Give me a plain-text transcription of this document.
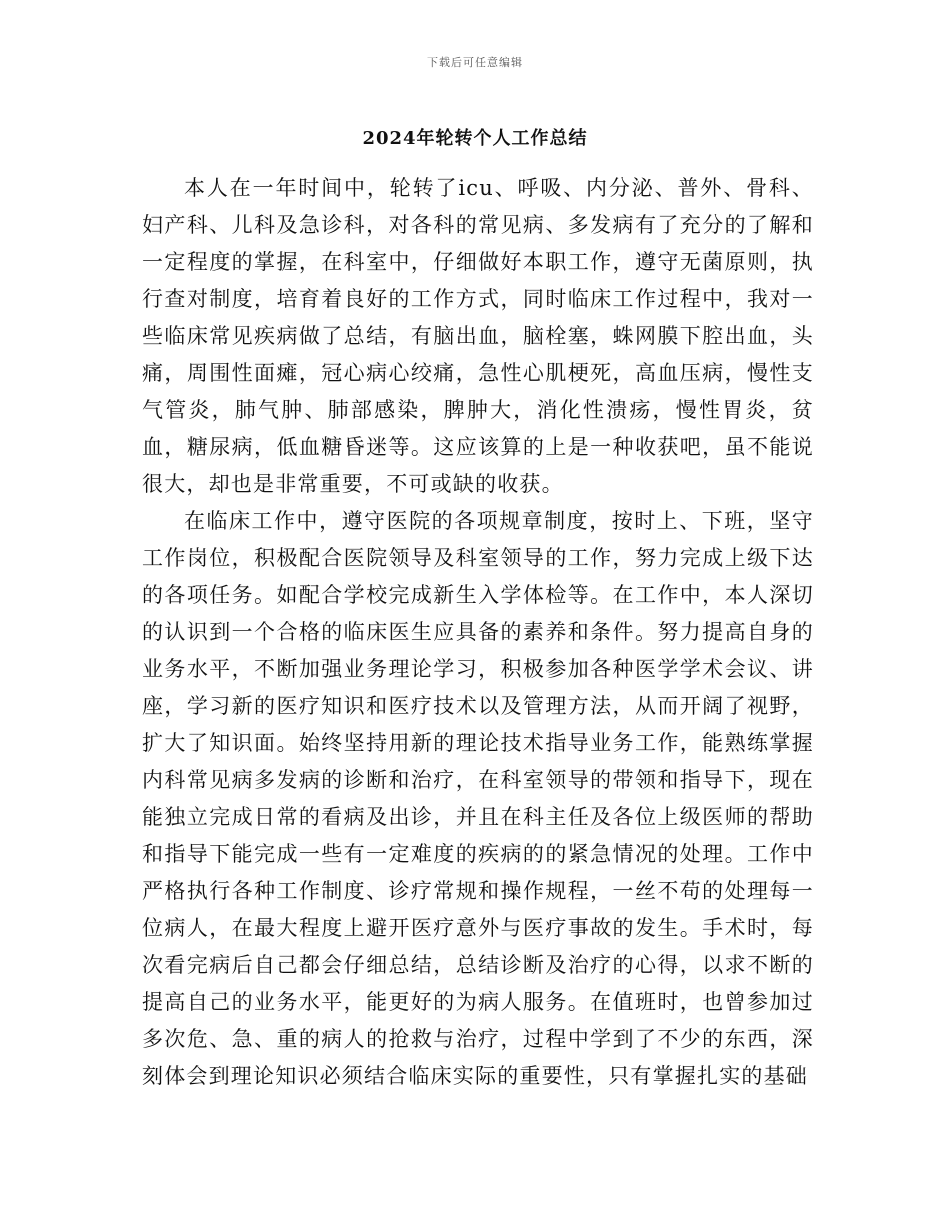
下载后可任意编辑
2024年轮转个人工作总结

本人在一年时间中，轮转了icu、呼吸、内分泌、普外、骨科、妇产科、儿科及急诊科，对各科的常见病、多发病有了充分的了解和一定程度的掌握，在科室中，仔细做好本职工作，遵守无菌原则，执行查对制度，培育着良好的工作方式，同时临床工作过程中，我对一些临床常见疾病做了总结，有脑出血，脑栓塞，蛛网膜下腔出血，头痛，周围性面瘫，冠心病心绞痛，急性心肌梗死，高血压病，慢性支气管炎，肺气肿、肺部感染，脾肿大，消化性溃疡，慢性胃炎，贫血，糖尿病，低血糖昏迷等。这应该算的上是一种收获吧，虽不能说很大，却也是非常重要，不可或缺的收获。

在临床工作中，遵守医院的各项规章制度，按时上、下班，坚守工作岗位，积极配合医院领导及科室领导的工作，努力完成上级下达的各项任务。如配合学校完成新生入学体检等。在工作中，本人深切的认识到一个合格的临床医生应具备的素养和条件。努力提高自身的业务水平，不断加强业务理论学习，积极参加各种医学学术会议、讲座，学习新的医疗知识和医疗技术以及管理方法，从而开阔了视野，扩大了知识面。始终坚持用新的理论技术指导业务工作，能熟练掌握内科常见病多发病的诊断和治疗，在科室领导的带领和指导下，现在能独立完成日常的看病及出诊，并且在科主任及各位上级医师的帮助和指导下能完成一些有一定难度的疾病的的紧急情况的处理。工作中严格执行各种工作制度、诊疗常规和操作规程，一丝不苟的处理每一位病人，在最大程度上避开医疗意外与医疗事故的发生。手术时，每次看完病后自己都会仔细总结，总结诊断及治疗的心得，以求不断的提高自己的业务水平，能更好的为病人服务。在值班时，也曾参加过多次危、急、重的病人的抢救与治疗，过程中学到了不少的东西，深刻体会到理论知识必须结合临床实际的重要性，只有掌握扎实的基础
